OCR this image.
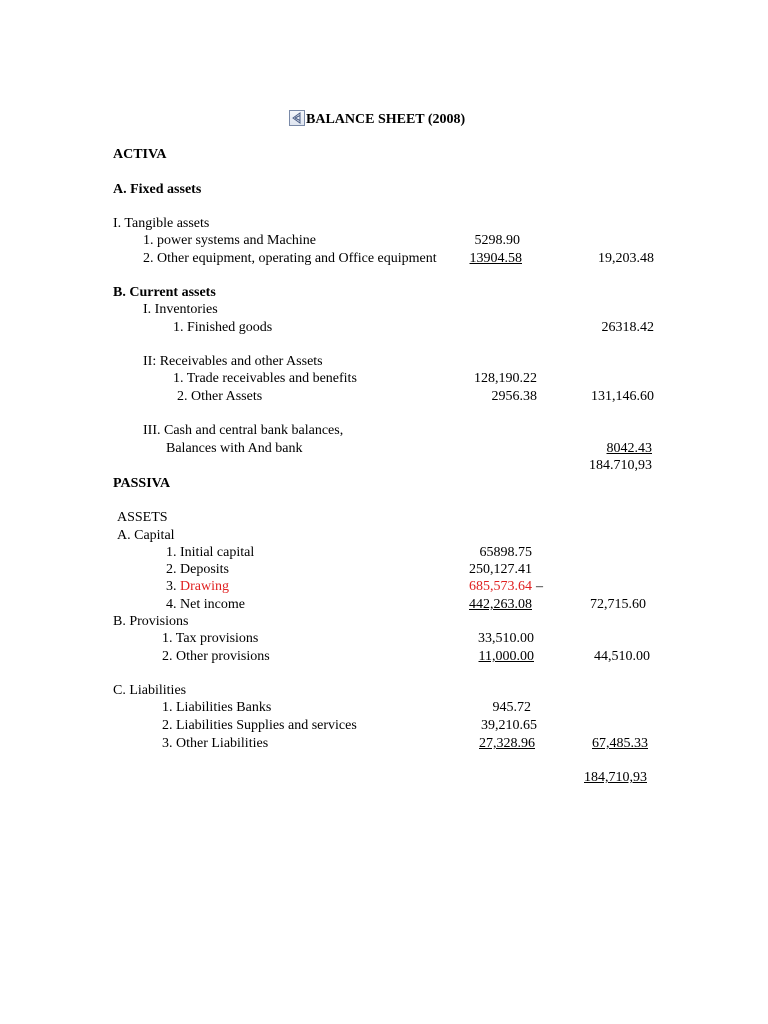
BALANCE SHEET (2008)
ACTIVA
A. Fixed assets
I. Tangible assets
1. power systems and Machine	5298.90
2. Other equipment, operating and Office equipment	13904.58	19,203.48
B. Current assets
I. Inventories
1. Finished goods	26318.42
II: Receivables and other Assets
1. Trade receivables and benefits	128,190.22
2. Other Assets	2956.38	131,146.60
III. Cash and central bank balances,
Balances with And bank	8042.43
184.710,93
PASSIVA
ASSETS
A. Capital
1. Initial capital	65898.75
2. Deposits	250,127.41
3. Drawing	685,573.64 –
4. Net income	442,263.08	72,715.60
B. Provisions
1. Tax provisions	33,510.00
2. Other provisions	11,000.00	44,510.00
C. Liabilities
1. Liabilities Banks	945.72
2. Liabilities Supplies and services	39,210.65
3. Other Liabilities	27,328.96	67,485.33
184,710,93
